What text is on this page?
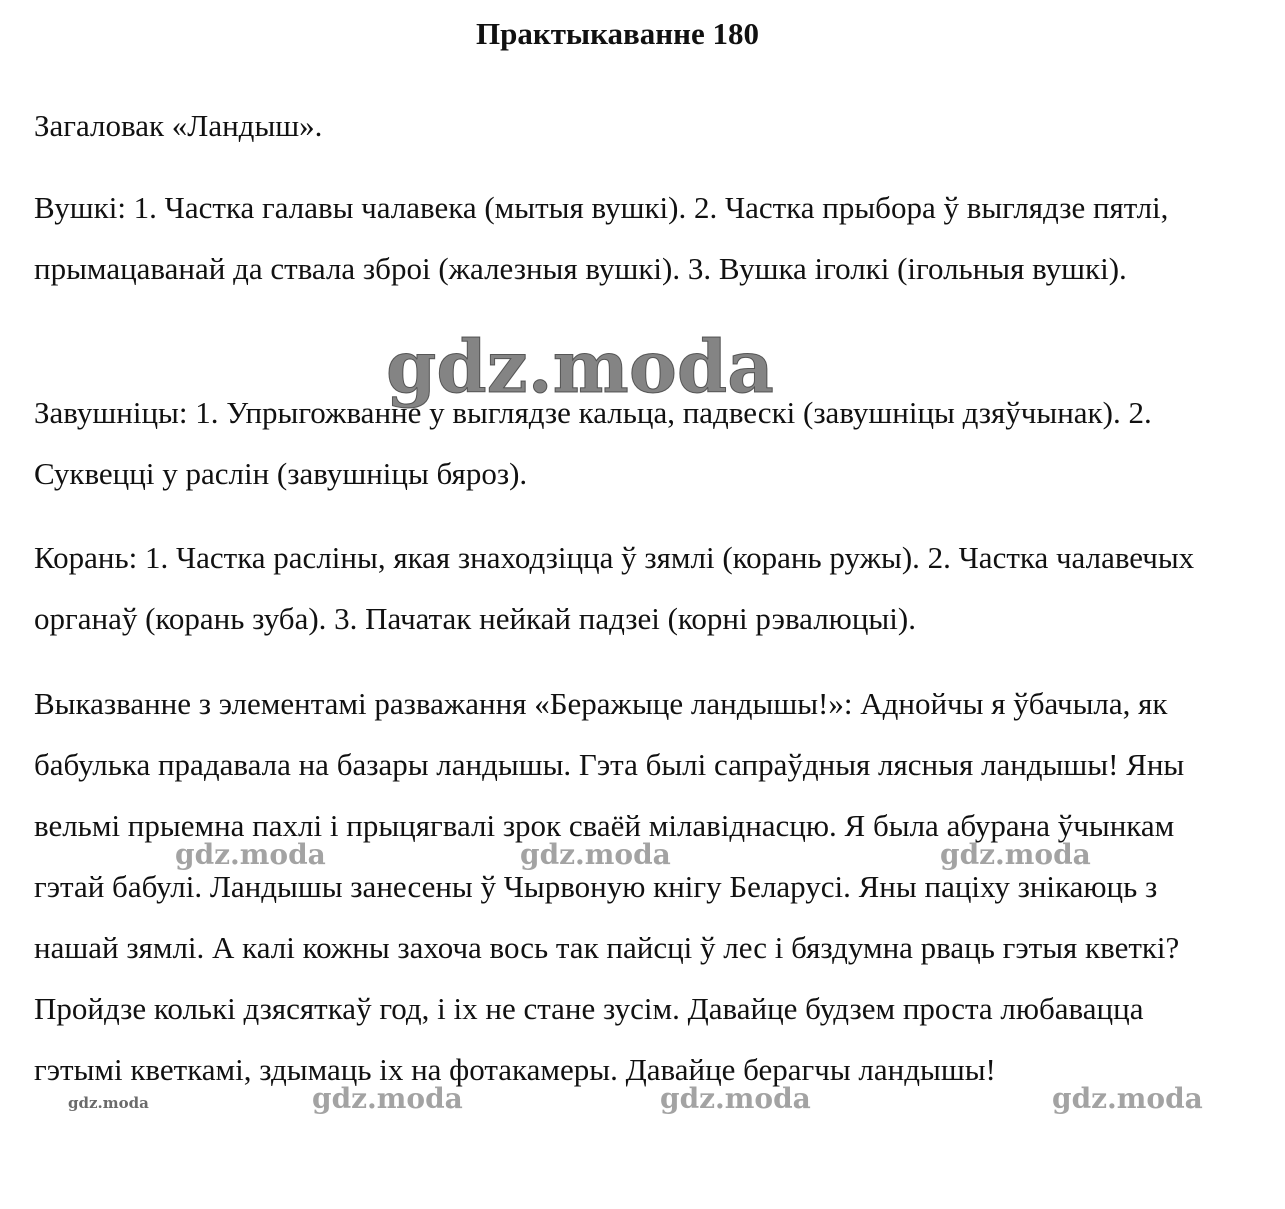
Практыкаванне 180

Загаловак «Ландыш».

Вушкі: 1. Частка галавы чалавека (мытыя вушкі). 2. Частка прыбора ў выглядзе пятлі, прымацаванай да ствала зброі (жалезныя вушкі). 3. Вушка іголкі (ігольныя вушкі).

Завушніцы: 1. Упрыгожванне у выглядзе кальца, падвескі (завушніцы дзяўчынак). 2. Суквецці у раслін (завушніцы бяроз).

Корань: 1. Частка расліны, якая знаходзіцца ў зямлі (корань ружы). 2. Частка чалавечых органаў (корань зуба). 3. Пачатак нейкай падзеі (корні рэвалюцыі).

Выказванне з элементамі разважання «Беражыце ландышы!»: Аднойчы я ўбачыла, як бабулька прадавала на базары ландышы. Гэта былі сапраўдныя лясныя ландышы! Яны вельмі прыемна пахлі і прыцягвалі зрок сваёй мілавіднасцю. Я была абурана ўчынкам гэтай бабулі. Ландышы занесены ў Чырвоную кнігу Беларусі. Яны паціху знікаюць з нашай зямлі. А калі кожны захоча вось так пайсці ў лес і бяздумна рваць гэтыя кветкі? Пройдзе колькі дзясяткаў год, і іх не стане зусім. Давайце будзем проста любавацца гэтымі кветкамі, здымаць іх на фотакамеры. Давайце берагчы ландышы!

gdz.moda
gdz.moda	gdz.moda	gdz.moda
gdz.moda	gdz.moda	gdz.moda	gdz.moda
